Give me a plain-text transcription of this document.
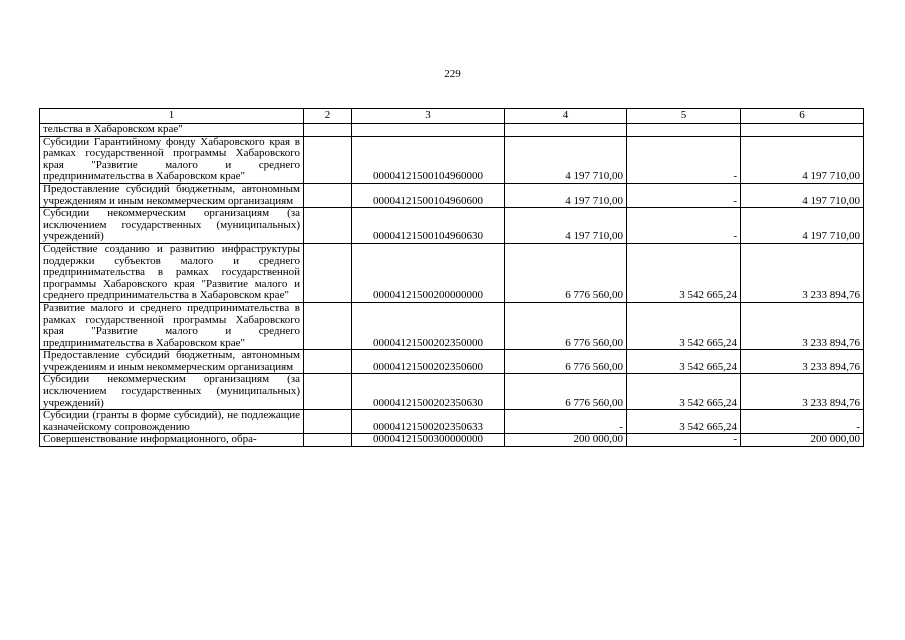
229
1	2	3	4	5	6
тельства в Хабаровском крае"					
Субсидии Гарантийному фонду Хабаровского края в рамках государственной программы Хабаровского края "Развитие малого и среднего предпринимательства в Хабаровском крае"		00004121500104960000	4 197 710,00	-	4 197 710,00
Предоставление субсидий бюджетным, автономным учреждениям и иным некоммерческим организациям		00004121500104960600	4 197 710,00	-	4 197 710,00
Субсидии некоммерческим организациям (за исключением государственных (муниципальных) учреждений)		00004121500104960630	4 197 710,00	-	4 197 710,00
Содействие созданию и развитию инфраструктуры поддержки субъектов малого и среднего предпринимательства в рамках государственной программы Хабаровского края "Развитие малого и среднего предпринимательства в Хабаровском крае"		00004121500200000000	6 776 560,00	3 542 665,24	3 233 894,76
Развитие малого и среднего предпринимательства в рамках государственной программы Хабаровского края "Развитие малого и среднего предпринимательства в Хабаровском крае"		00004121500202350000	6 776 560,00	3 542 665,24	3 233 894,76
Предоставление субсидий бюджетным, автономным учреждениям и иным некоммерческим организациям		00004121500202350600	6 776 560,00	3 542 665,24	3 233 894,76
Субсидии некоммерческим организациям (за исключением государственных (муниципальных) учреждений)		00004121500202350630	6 776 560,00	3 542 665,24	3 233 894,76
Субсидии (гранты в форме субсидий), не подлежащие казначейскому сопровождению		00004121500202350633	-	3 542 665,24	-
Совершенствование информационного, обра-		00004121500300000000	200 000,00	-	200 000,00
